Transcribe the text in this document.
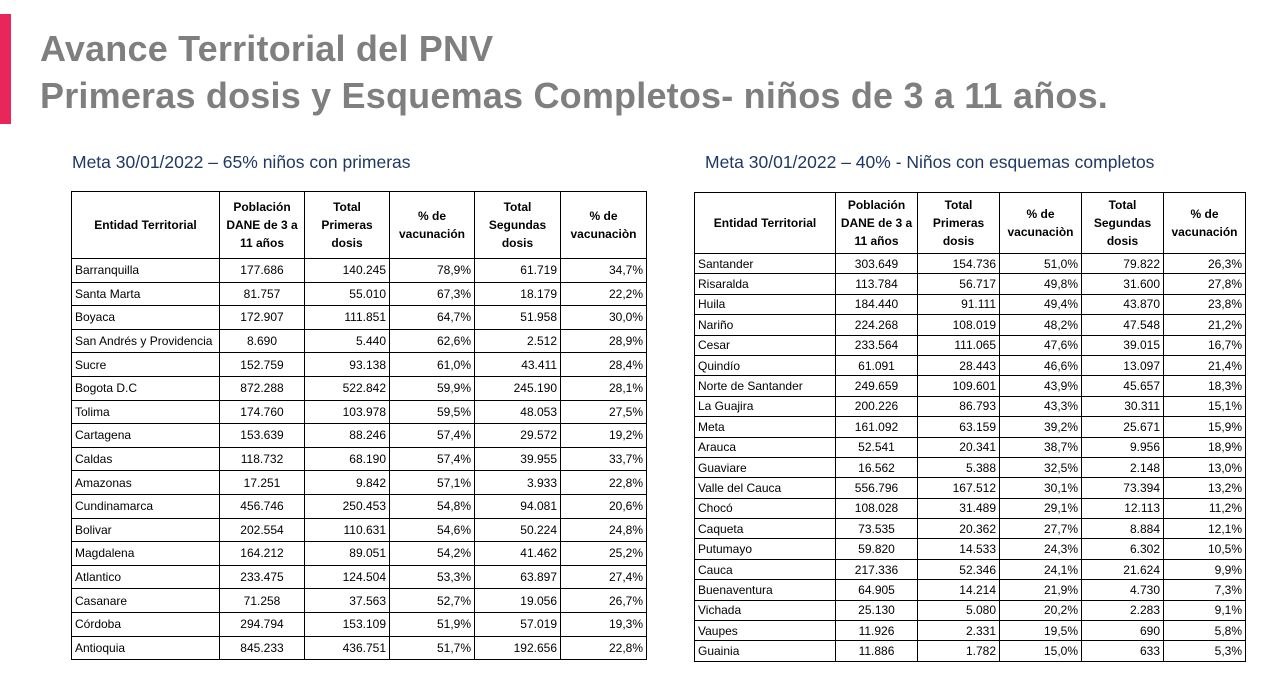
Avance Territorial del PNV
Primeras dosis y Esquemas Completos- niños de 3 a 11 años.
Meta 30/01/2022 – 65% niños con primeras	Meta 30/01/2022 – 40% - Niños con esquemas completos
Entidad Territorial	Población DANE de 3 a 11 años	Total Primeras dosis	% de vacunación	Total Segundas dosis	% de vacunaciòn
Barranquilla	177.686	140.245	78,9%	61.719	34,7%
Santa Marta	81.757	55.010	67,3%	18.179	22,2%
Boyaca	172.907	111.851	64,7%	51.958	30,0%
San Andrés y Providencia	8.690	5.440	62,6%	2.512	28,9%
Sucre	152.759	93.138	61,0%	43.411	28,4%
Bogota D.C	872.288	522.842	59,9%	245.190	28,1%
Tolima	174.760	103.978	59,5%	48.053	27,5%
Cartagena	153.639	88.246	57,4%	29.572	19,2%
Caldas	118.732	68.190	57,4%	39.955	33,7%
Amazonas	17.251	9.842	57,1%	3.933	22,8%
Cundinamarca	456.746	250.453	54,8%	94.081	20,6%
Bolivar	202.554	110.631	54,6%	50.224	24,8%
Magdalena	164.212	89.051	54,2%	41.462	25,2%
Atlantico	233.475	124.504	53,3%	63.897	27,4%
Casanare	71.258	37.563	52,7%	19.056	26,7%
Córdoba	294.794	153.109	51,9%	57.019	19,3%
Antioquia	845.233	436.751	51,7%	192.656	22,8%
Entidad Territorial	Población DANE de 3 a 11 años	Total Primeras dosis	% de vacunaciòn	Total Segundas dosis	% de vacunación
Santander	303.649	154.736	51,0%	79.822	26,3%
Risaralda	113.784	56.717	49,8%	31.600	27,8%
Huila	184.440	91.111	49,4%	43.870	23,8%
Nariño	224.268	108.019	48,2%	47.548	21,2%
Cesar	233.564	111.065	47,6%	39.015	16,7%
Quindío	61.091	28.443	46,6%	13.097	21,4%
Norte de Santander	249.659	109.601	43,9%	45.657	18,3%
La Guajira	200.226	86.793	43,3%	30.311	15,1%
Meta	161.092	63.159	39,2%	25.671	15,9%
Arauca	52.541	20.341	38,7%	9.956	18,9%
Guaviare	16.562	5.388	32,5%	2.148	13,0%
Valle del Cauca	556.796	167.512	30,1%	73.394	13,2%
Chocó	108.028	31.489	29,1%	12.113	11,2%
Caqueta	73.535	20.362	27,7%	8.884	12,1%
Putumayo	59.820	14.533	24,3%	6.302	10,5%
Cauca	217.336	52.346	24,1%	21.624	9,9%
Buenaventura	64.905	14.214	21,9%	4.730	7,3%
Vichada	25.130	5.080	20,2%	2.283	9,1%
Vaupes	11.926	2.331	19,5%	690	5,8%
Guainia	11.886	1.782	15,0%	633	5,3%
